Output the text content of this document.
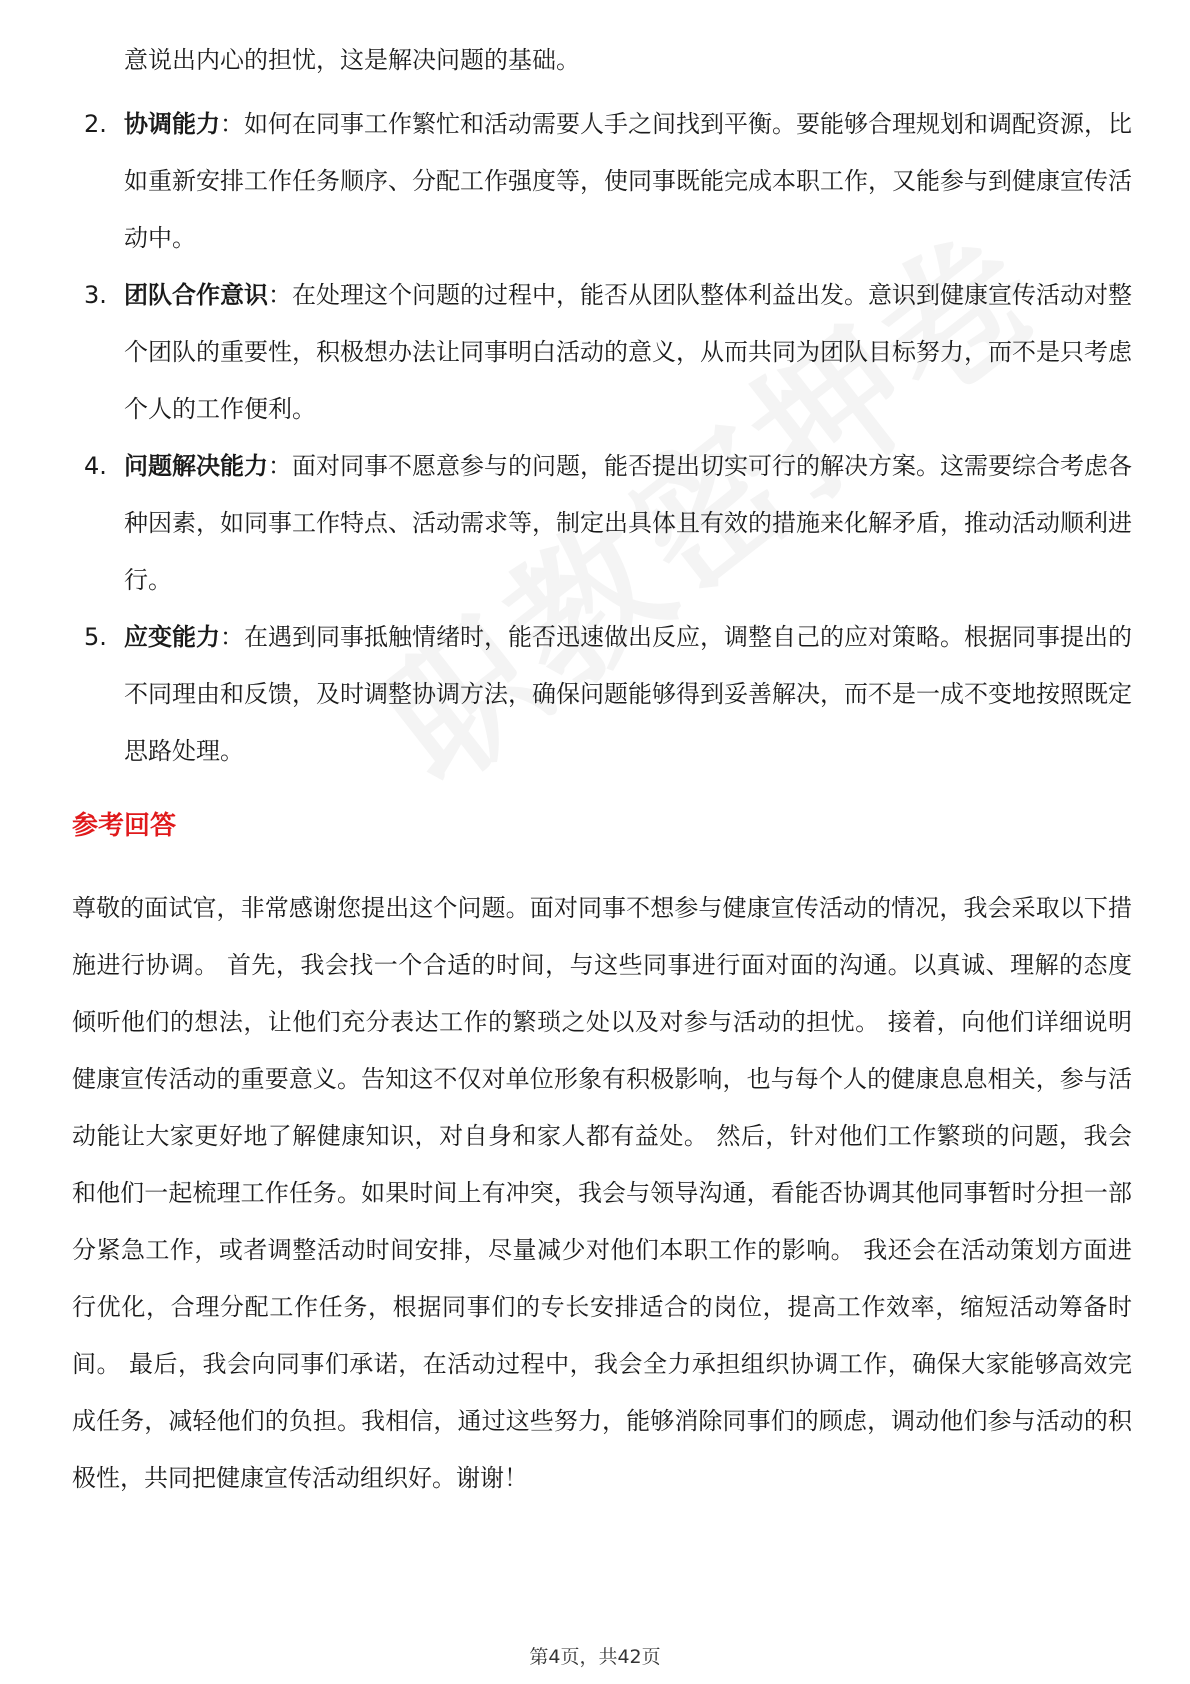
意说出内心的担忧，这是解决问题的基础。
2. 协调能力：如何在同事工作繁忙和活动需要人手之间找到平衡。要能够合理规划和调配资源，比如重新安排工作任务顺序、分配工作强度等，使同事既能完成本职工作，又能参与到健康宣传活动中。
3. 团队合作意识：在处理这个问题的过程中，能否从团队整体利益出发。意识到健康宣传活动对整个团队的重要性，积极想办法让同事明白活动的意义，从而共同为团队目标努力，而不是只考虑个人的工作便利。
4. 问题解决能力：面对同事不愿意参与的问题，能否提出切实可行的解决方案。这需要综合考虑各种因素，如同事工作特点、活动需求等，制定出具体且有效的措施来化解矛盾，推动活动顺利进行。
5. 应变能力：在遇到同事抵触情绪时，能否迅速做出反应，调整自己的应对策略。根据同事提出的不同理由和反馈，及时调整协调方法，确保问题能够得到妥善解决，而不是一成不变地按照既定思路处理。
参考回答

尊敬的面试官，非常感谢您提出这个问题。面对同事不想参与健康宣传活动的情况，我会采取以下措施进行协调。 首先，我会找一个合适的时间，与这些同事进行面对面的沟通。以真诚、理解的态度倾听他们的想法，让他们充分表达工作的繁琐之处以及对参与活动的担忧。 接着，向他们详细说明健康宣传活动的重要意义。告知这不仅对单位形象有积极影响，也与每个人的健康息息相关，参与活动能让大家更好地了解健康知识，对自身和家人都有益处。 然后，针对他们工作繁琐的问题，我会和他们一起梳理工作任务。如果时间上有冲突，我会与领导沟通，看能否协调其他同事暂时分担一部分紧急工作，或者调整活动时间安排，尽量减少对他们本职工作的影响。 我还会在活动策划方面进行优化，合理分配工作任务，根据同事们的专长安排适合的岗位，提高工作效率，缩短活动筹备时间。 最后，我会向同事们承诺，在活动过程中，我会全力承担组织协调工作，确保大家能够高效完成任务，减轻他们的负担。我相信，通过这些努力，能够消除同事们的顾虑，调动他们参与活动的积极性，共同把健康宣传活动组织好。谢谢！

第4页，共42页
